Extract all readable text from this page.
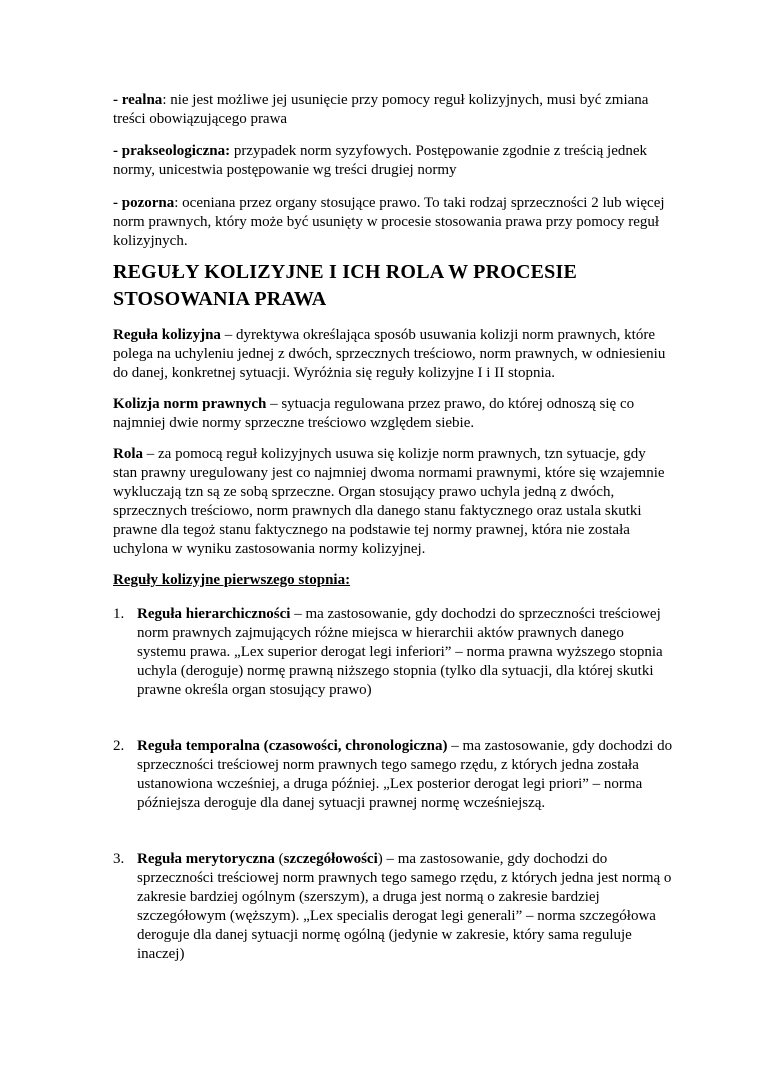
- realna: nie jest możliwe jej usunięcie przy pomocy reguł kolizyjnych, musi być zmiana treści obowiązującego prawa

- prakseologiczna: przypadek norm syzyfowych. Postępowanie zgodnie z treścią jednek normy, unicestwia postępowanie wg treści drugiej normy

- pozorna: oceniana przez organy stosujące prawo. To taki rodzaj sprzeczności 2 lub więcej norm prawnych, który może być usunięty w procesie stosowania prawa przy pomocy reguł kolizyjnych.

REGUŁY KOLIZYJNE I ICH ROLA W PROCESIE STOSOWANIA PRAWA

Reguła kolizyjna – dyrektywa określająca sposób usuwania kolizji norm prawnych, które polega na uchyleniu jednej z dwóch, sprzecznych treściowo, norm prawnych, w odniesieniu do danej, konkretnej sytuacji. Wyróżnia się reguły kolizyjne I i II stopnia.

Kolizja norm prawnych – sytuacja regulowana przez prawo, do której odnoszą się co najmniej dwie normy sprzeczne treściowo względem siebie.

Rola – za pomocą reguł kolizyjnych usuwa się kolizje norm prawnych, tzn sytuacje, gdy stan prawny uregulowany jest co najmniej dwoma normami prawnymi, które się wzajemnie wykluczają tzn są ze sobą sprzeczne. Organ stosujący prawo uchyla jedną z dwóch, sprzecznych treściowo, norm prawnych dla danego stanu faktycznego oraz ustala skutki prawne dla tegoż stanu faktycznego na podstawie tej normy prawnej, która nie została uchylona w wyniku zastosowania normy kolizyjnej.

Reguły kolizyjne pierwszego stopnia:

1. Reguła hierarchiczności – ma zastosowanie, gdy dochodzi do sprzeczności treściowej norm prawnych zajmujących różne miejsca w hierarchii aktów prawnych danego systemu prawa. „Lex superior derogat legi inferiori” – norma prawna wyższego stopnia uchyla (deroguje) normę prawną niższego stopnia (tylko dla sytuacji, dla której skutki prawne określa organ stosujący prawo)
2. Reguła temporalna (czasowości, chronologiczna) – ma zastosowanie, gdy dochodzi do sprzeczności treściowej norm prawnych tego samego rzędu, z których jedna została ustanowiona wcześniej, a druga później. „Lex posterior derogat legi priori” – norma późniejsza deroguje dla danej sytuacji prawnej normę wcześniejszą.
3. Reguła merytoryczna (szczegółowości) – ma zastosowanie, gdy dochodzi do sprzeczności treściowej norm prawnych tego samego rzędu, z których jedna jest normą o zakresie bardziej ogólnym (szerszym), a druga jest normą o zakresie bardziej szczegółowym (węższym). „Lex specialis derogat legi generali” – norma szczegółowa deroguje dla danej sytuacji normę ogólną (jedynie w zakresie, który sama reguluje inaczej)
